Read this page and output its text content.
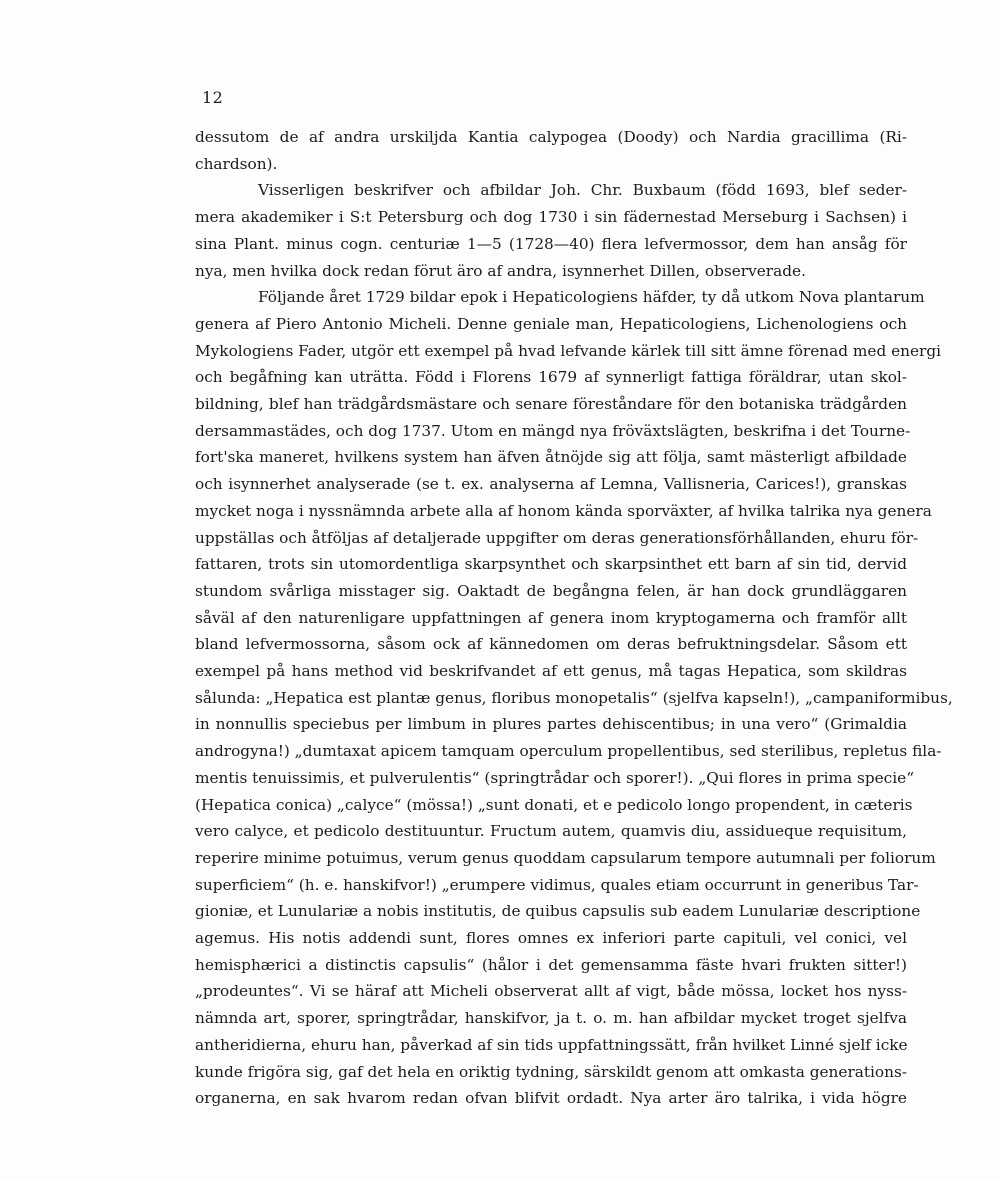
12
dessutom de af andra urskiljda Kantia calypogea (Doody) och Nardia gracillima (Ri-
chardson).
Visserligen beskrifver och afbildar Joh. Chr. Buxbaum (född 1693, blef seder-
mera akademiker i S:t Petersburg och dog 1730 i sin fädernestad Merseburg i Sachsen) i
sina Plant. minus cogn. centuriæ 1—5 (1728—40) flera lefvermossor, dem han ansåg för
nya, men hvilka dock redan förut äro af andra, isynnerhet Dillen, observerade.
Följande året 1729 bildar epok i Hepaticologiens häfder, ty då utkom Nova plantarum
genera af Piero Antonio Micheli. Denne geniale man, Hepaticologiens, Lichenologiens och
Mykologiens Fader, utgör ett exempel på hvad lefvande kärlek till sitt ämne förenad med energi
och begåfning kan uträtta. Född i Florens 1679 af synnerligt fattiga föräldrar, utan skol-
bildning, blef han trädgårdsmästare och senare föreståndare för den botaniska trädgården
dersammastädes, och dog 1737. Utom en mängd nya fröväxtslägten, beskrifna i det Tourne-
fort'ska maneret, hvilkens system han äfven åtnöjde sig att följa, samt mästerligt afbildade
och isynnerhet analyserade (se t. ex. analyserna af Lemna, Vallisneria, Carices!), granskas
mycket noga i nyssnämnda arbete alla af honom kända sporväxter, af hvilka talrika nya genera
uppställas och åtföljas af detaljerade uppgifter om deras generationsförhållanden, ehuru för-
fattaren, trots sin utomordentliga skarpsynthet och skarpsinthet ett barn af sin tid, dervid
stundom svårliga misstager sig. Oaktadt de begångna felen, är han dock grundläggaren
såväl af den naturenligare uppfattningen af genera inom kryptogamerna och framför allt
bland lefvermossorna, såsom ock af kännedomen om deras befruktningsdelar. Såsom ett
exempel på hans method vid beskrifvandet af ett genus, må tagas Hepatica, som skildras
sålunda: „Hepatica est plantæ genus, floribus monopetalis“ (sjelfva kapseln!), „campaniformibus,
in nonnullis speciebus per limbum in plures partes dehiscentibus; in una vero“ (Grimaldia
androgyna!) „dumtaxat apicem tamquam operculum propellentibus, sed sterilibus, repletus fila-
mentis tenuissimis, et pulverulentis“ (springtrådar och sporer!). „Qui flores in prima specie“
(Hepatica conica) „calyce“ (mössa!) „sunt donati, et e pedicolo longo propendent, in cæteris
vero calyce, et pedicolo destituuntur. Fructum autem, quamvis diu, assidueque requisitum,
reperire minime potuimus, verum genus quoddam capsularum tempore autumnali per foliorum
superficiem“ (h. e. hanskifvor!) „erumpere vidimus, quales etiam occurrunt in generibus Tar-
gioniæ, et Lunulariæ a nobis institutis, de quibus capsulis sub eadem Lunulariæ descriptione
agemus. His notis addendi sunt, flores omnes ex inferiori parte capituli, vel conici, vel
hemisphærici a distinctis capsulis“ (hålor i det gemensamma fäste hvari frukten sitter!)
„prodeuntes“. Vi se häraf att Micheli observerat allt af vigt, både mössa, locket hos nyss-
nämnda art, sporer, springtrådar, hanskifvor, ja t. o. m. han afbildar mycket troget sjelfva
antheridierna, ehuru han, påverkad af sin tids uppfattningssätt, från hvilket Linné sjelf icke
kunde frigöra sig, gaf det hela en oriktig tydning, särskildt genom att omkasta generations-
organerna, en sak hvarom redan ofvan blifvit ordadt. Nya arter äro talrika, i vida högre
